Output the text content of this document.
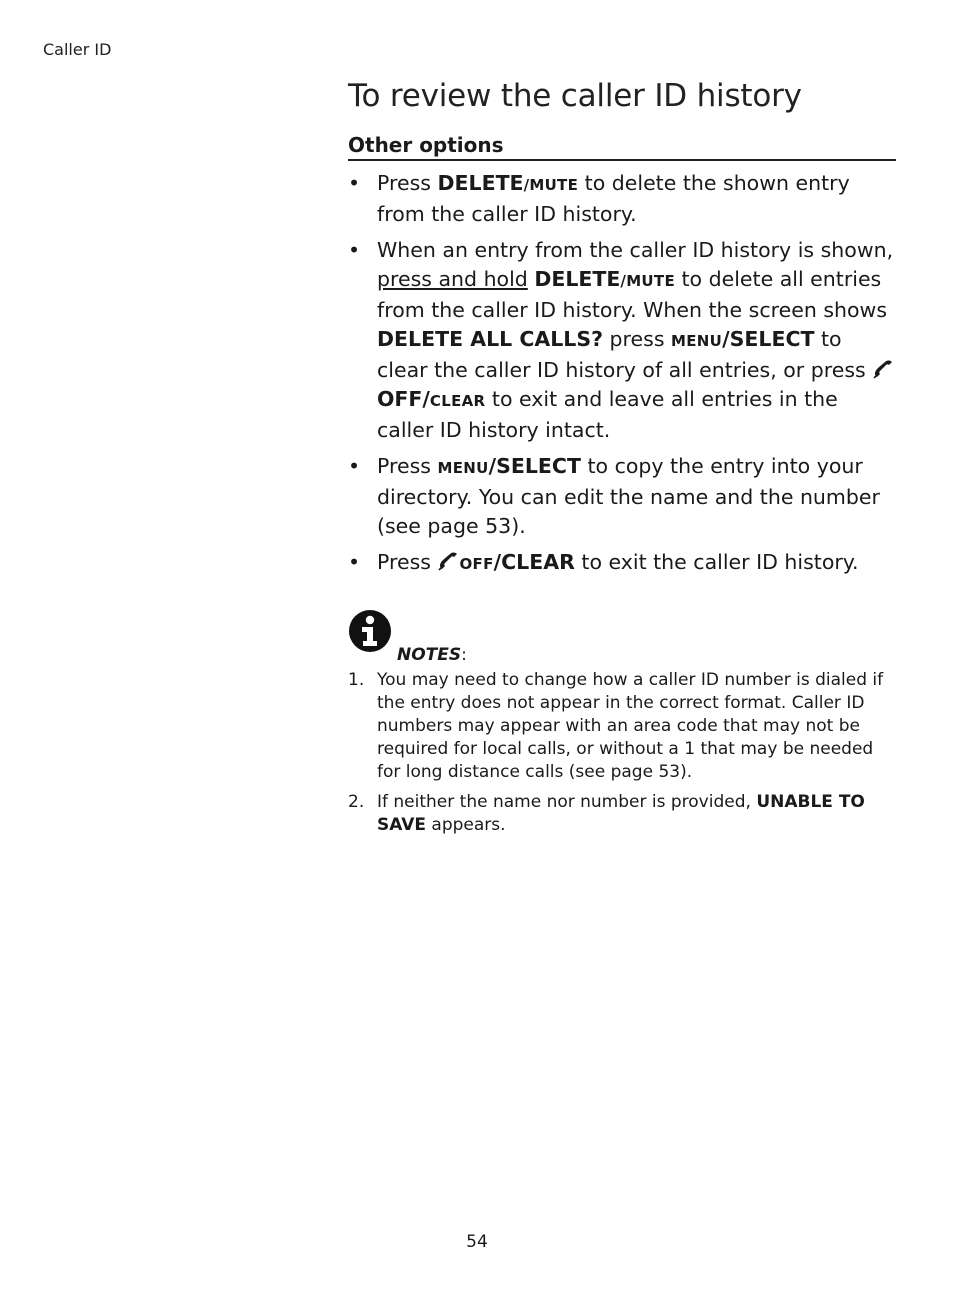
Caller ID
To review the caller ID history
Other options
• Press DELETE/MUTE to delete the shown entry from the caller ID history.
• When an entry from the caller ID history is shown, press and hold DELETE/MUTE to delete all entries from the caller ID history. When the screen shows DELETE ALL CALLS? press MENU/SELECT to clear the caller ID history of all entries, or press OFF/CLEAR to exit and leave all entries in the caller ID history intact.
• Press MENU/SELECT to copy the entry into your directory. You can edit the name and the number (see page 53).
• Press OFF/CLEAR to exit the caller ID history.
NOTES:
1. You may need to change how a caller ID number is dialed if the entry does not appear in the correct format. Caller ID numbers may appear with an area code that may not be required for local calls, or without a 1 that may be needed for long distance calls (see page 53).
2. If neither the name nor number is provided, UNABLE TO SAVE appears.
54
